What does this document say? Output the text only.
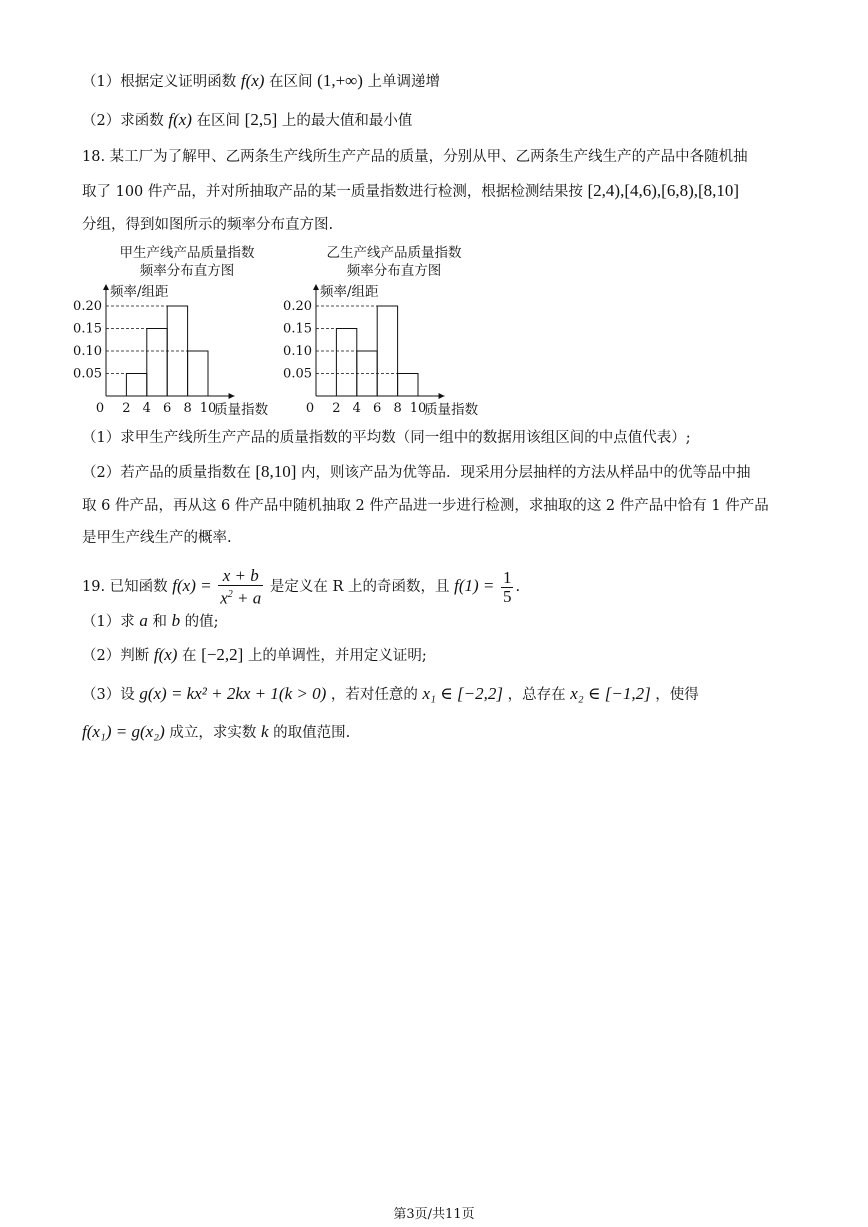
（1）根据定义证明函数 f(x) 在区间 (1,+∞) 上单调递增
（2）求函数 f(x) 在区间 [2,5] 上的最大值和最小值
18. 某工厂为了解甲、乙两条生产线所生产产品的质量，分别从甲、乙两条生产线生产的产品中各随机抽
取了 100 件产品，并对所抽取产品的某一质量指数进行检测，根据检测结果按 [2,4),[4,6),[6,8),[8,10]
分组，得到如图所示的频率分布直方图.
甲生产线产品质量指数
频率分布直方图
频率/组距
0.05
0.10
0.15
0.20
0 2 4 6 8 10
质量指数
乙生产线产品质量指数
频率分布直方图
频率/组距
0.05
0.10
0.15
0.20
0 2 4 6 8 10
质量指数
（1）求甲生产线所生产产品的质量指数的平均数（同一组中的数据用该组区间的中点值代表）;
（2）若产品的质量指数在 [8,10] 内，则该产品为优等品．现采用分层抽样的方法从样品中的优等品中抽
取 6 件产品，再从这 6 件产品中随机抽取 2 件产品进一步进行检测，求抽取的这 2 件产品中恰有 1 件产品
是甲生产线生产的概率.
19. 已知函数 $f(x) = \frac{x + b}{x^2 + a}$ 是定义在 R 上的奇函数，且 $f(1) = \frac{1}{5}$ .
（1）求 a 和 b 的值;
（2）判断 f(x) 在 [−2,2] 上的单调性，并用定义证明;
（3）设 g(x) = kx² + 2kx + 1(k > 0) ，若对任意的 x₁ ∈ [−2,2] ，总存在 x₂ ∈ [−1,2] ，使得
f(x₁) = g(x₂) 成立，求实数 k 的取值范围.
第3页/共11页
